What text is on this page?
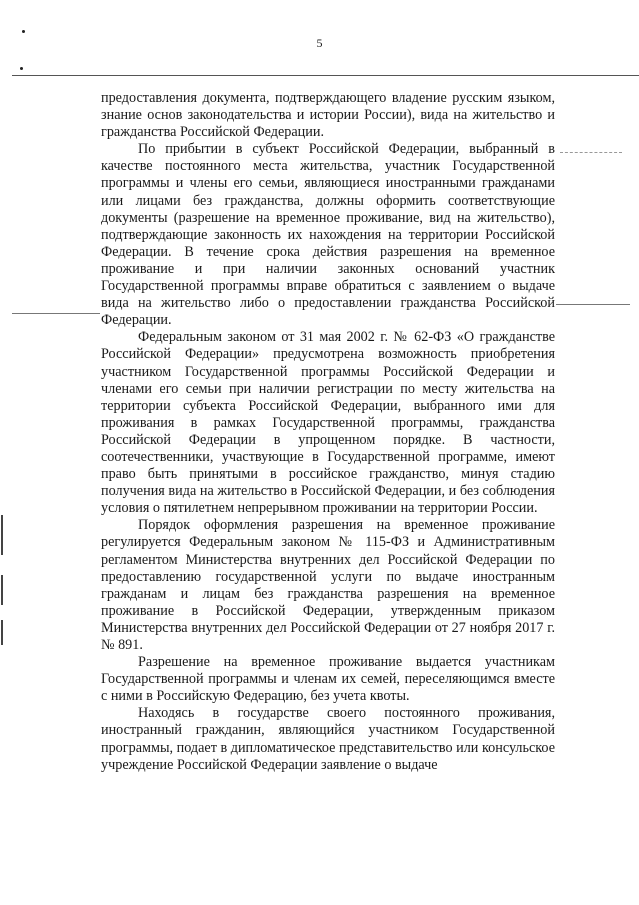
5

предоставления документа, подтверждающего владение русским языком, знание основ законодательства и истории России), вида на жительство и гражданства Российской Федерации.

По прибытии в субъект Российской Федерации, выбранный в качестве постоянного места жительства, участник Государственной программы и члены его семьи, являющиеся иностранными гражданами или лицами без гражданства, должны оформить соответствующие документы (разрешение на временное проживание, вид на жительство), подтверждающие законность их нахождения на территории Российской Федерации. В течение срока действия разрешения на временное проживание и при наличии законных оснований участник Государственной программы вправе обратиться с заявлением о выдаче вида на жительство либо о предоставлении гражданства Российской Федерации.

Федеральным законом от 31 мая 2002 г. № 62-ФЗ «О гражданстве Российской Федерации» предусмотрена возможность приобретения участником Государственной программы Российской Федерации и членами его семьи при наличии регистрации по месту жительства на территории субъекта Российской Федерации, выбранного ими для проживания в рамках Государственной программы, гражданства Российской Федерации в упрощенном порядке. В частности, соотечественники, участвующие в Государственной программе, имеют право быть принятыми в российское гражданство, минуя стадию получения вида на жительство в Российской Федерации, и без соблюдения условия о пятилетнем непрерывном проживании на территории России.

Порядок оформления разрешения на временное проживание регулируется Федеральным законом № 115-ФЗ и Административным регламентом Министерства внутренних дел Российской Федерации по предоставлению государственной услуги по выдаче иностранным гражданам и лицам без гражданства разрешения на временное проживание в Российской Федерации, утвержденным приказом Министерства внутренних дел Российской Федерации от 27 ноября 2017 г. № 891.

Разрешение на временное проживание выдается участникам Государственной программы и членам их семей, переселяющимся вместе с ними в Российскую Федерацию, без учета квоты.

Находясь в государстве своего постоянного проживания, иностранный гражданин, являющийся участником Государственной программы, подает в дипломатическое представительство или консульское учреждение Российской Федерации заявление о выдаче
